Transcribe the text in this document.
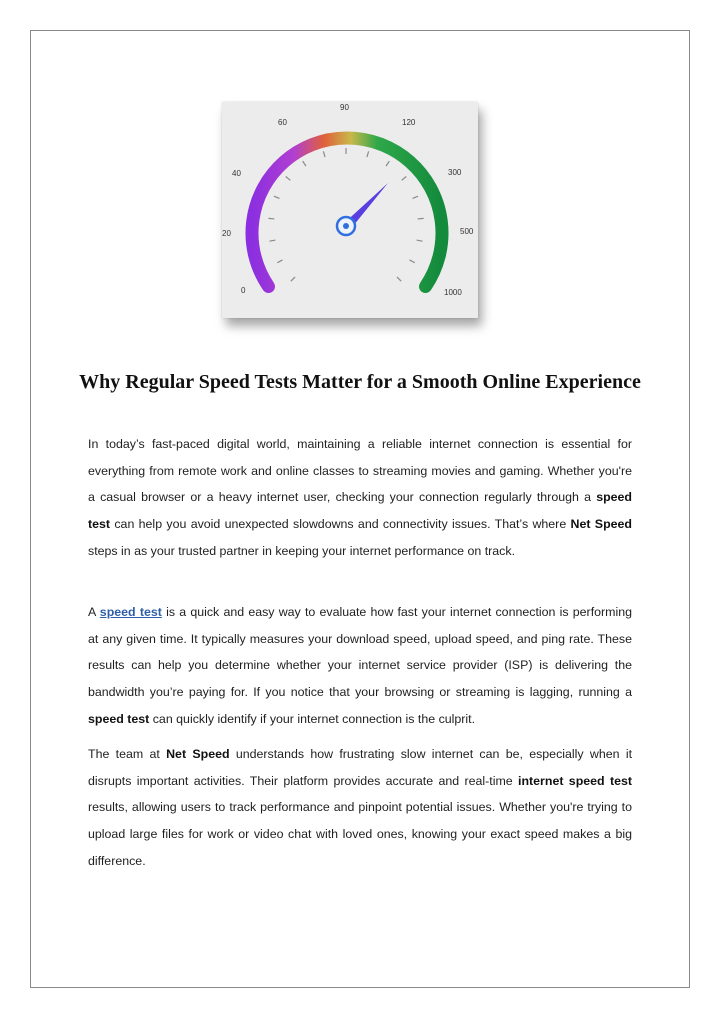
0
20
40
60
90
120
300
500
1000
Why Regular Speed Tests Matter for a Smooth Online Experience

In today’s fast-paced digital world, maintaining a reliable internet connection is essential for everything from remote work and online classes to streaming movies and gaming. Whether you're a casual browser or a heavy internet user, checking your connection regularly through a speed test can help you avoid unexpected slowdowns and connectivity issues. That’s where Net Speed steps in as your trusted partner in keeping your internet performance on track.

A speed test is a quick and easy way to evaluate how fast your internet connection is performing at any given time. It typically measures your download speed, upload speed, and ping rate. These results can help you determine whether your internet service provider (ISP) is delivering the bandwidth you’re paying for. If you notice that your browsing or streaming is lagging, running a speed test can quickly identify if your internet connection is the culprit.

The team at Net Speed understands how frustrating slow internet can be, especially when it disrupts important activities. Their platform provides accurate and real-time internet speed test results, allowing users to track performance and pinpoint potential issues. Whether you're trying to upload large files for work or video chat with loved ones, knowing your exact speed makes a big difference.
